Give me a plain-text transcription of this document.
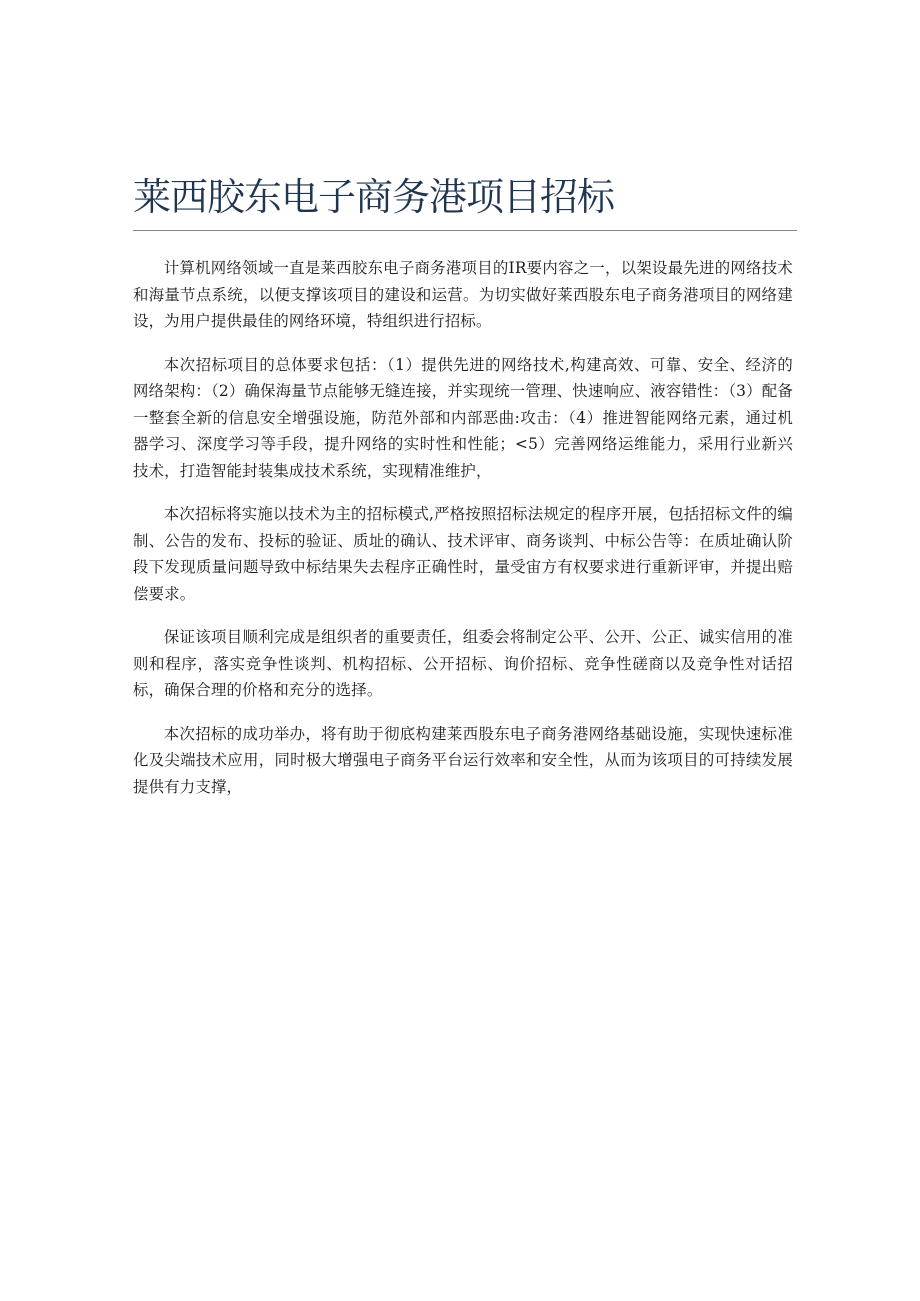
莱西胶东电子商务港项目招标

计算机网络领域一直是莱西胶东电子商务港项目的IR要内容之一，以架设最先进的网络技术和海量节点系统，以便支撑该项目的建设和运营。为切实做好莱西股东电子商务港项目的网络建设，为用户提供最佳的网络环境，特组织进行招标。

本次招标项目的总体要求包括：（1）提供先进的网络技术,构建高效、可靠、安全、经济的网络架构：（2）确保海量节点能够无缝连接，并实现统一管理、快速响应、液容错性：（3）配备一整套全新的信息安全增强设施，防范外部和内部恶曲:攻击：（4）推进智能网络元素，通过机器学习、深度学习等手段，提升网络的实时性和性能；<5）完善网络运维能力，采用行业新兴技术，打造智能封装集成技术系统，实现精准维护，

本次招标将实施以技术为主的招标模式,严格按照招标法规定的程序开展，包括招标文件的编制、公告的发布、投标的验证、质址的确认、技术评审、商务谈判、中标公告等：在质址确认阶段下发现质量问题导致中标结果失去程序正确性时，量受宙方有权要求进行重新评审，并提出赔偿要求。

保证该项目顺利完成是组织者的重要责任，组委会将制定公平、公开、公正、诚实信用的准则和程序，落实竞争性谈判、机构招标、公开招标、询价招标、竞争性磋商以及竞争性对话招标，确保合理的价格和充分的选择。

本次招标的成功举办，将有助于彻底构建莱西股东电子商务港网络基础设施，实现快速标准化及尖端技术应用，同时极大增强电子商务平台运行效率和安全性，从而为该项目的可持续发展提供有力支撑，
